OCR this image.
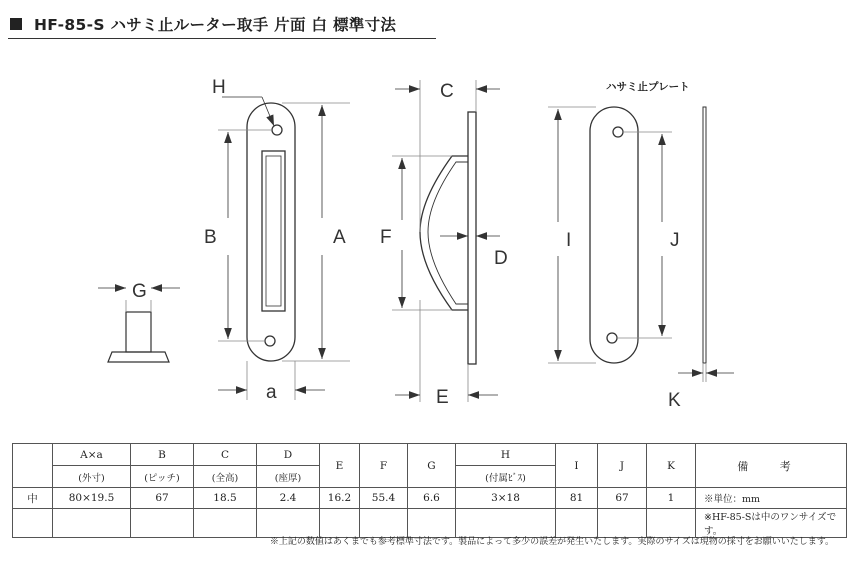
HF-85-S ハサミ止ルーター取手 片面 白 標準寸法
G
H
B	A
a
C
F
D
E
ハサミ止プレート
I	J
K
	A×a	B	C	D	E	F	G	H	I	J	K	備 考
	(外寸)	(ピッチ)	(全高)	(座厚)				(付属ﾋﾞｽ)				
中	80×19.5	67	18.5	2.4	16.2	55.4	6.6	3×18	81	67	1	※単位：mm
												※HF-85-Sは中のワンサイズです。
※上記の数値はあくまでも参考標準寸法です。製品によって多少の誤差が発生いたします。実際のサイズは現物の採寸をお願いいたします。
